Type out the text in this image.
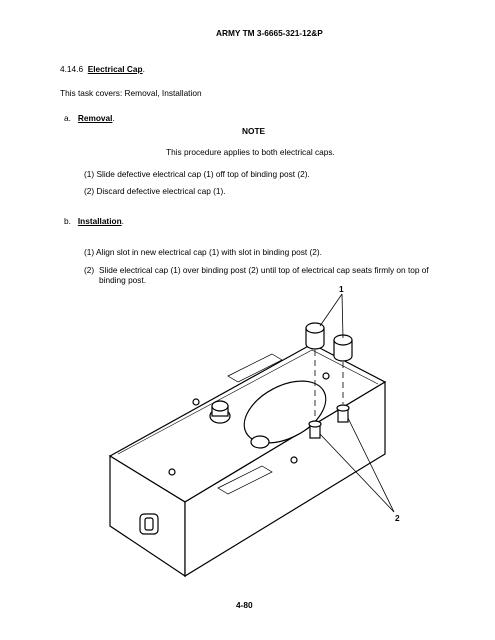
ARMY TM 3-6665-321-12&P
4.14.6 Electrical Cap.
This task covers: Removal, Installation
a. Removal.
NOTE
This procedure applies to both electrical caps.
(1) Slide defective electrical cap (1) off top of binding post (2).
(2) Discard defective electrical cap (1).
b. Installation.
(1) Align slot in new electrical cap (1) with slot in binding post (2).
(2) Slide electrical cap (1) over binding post (2) until top of electrical cap seats firmly on top of binding post.
1
2
4-80
